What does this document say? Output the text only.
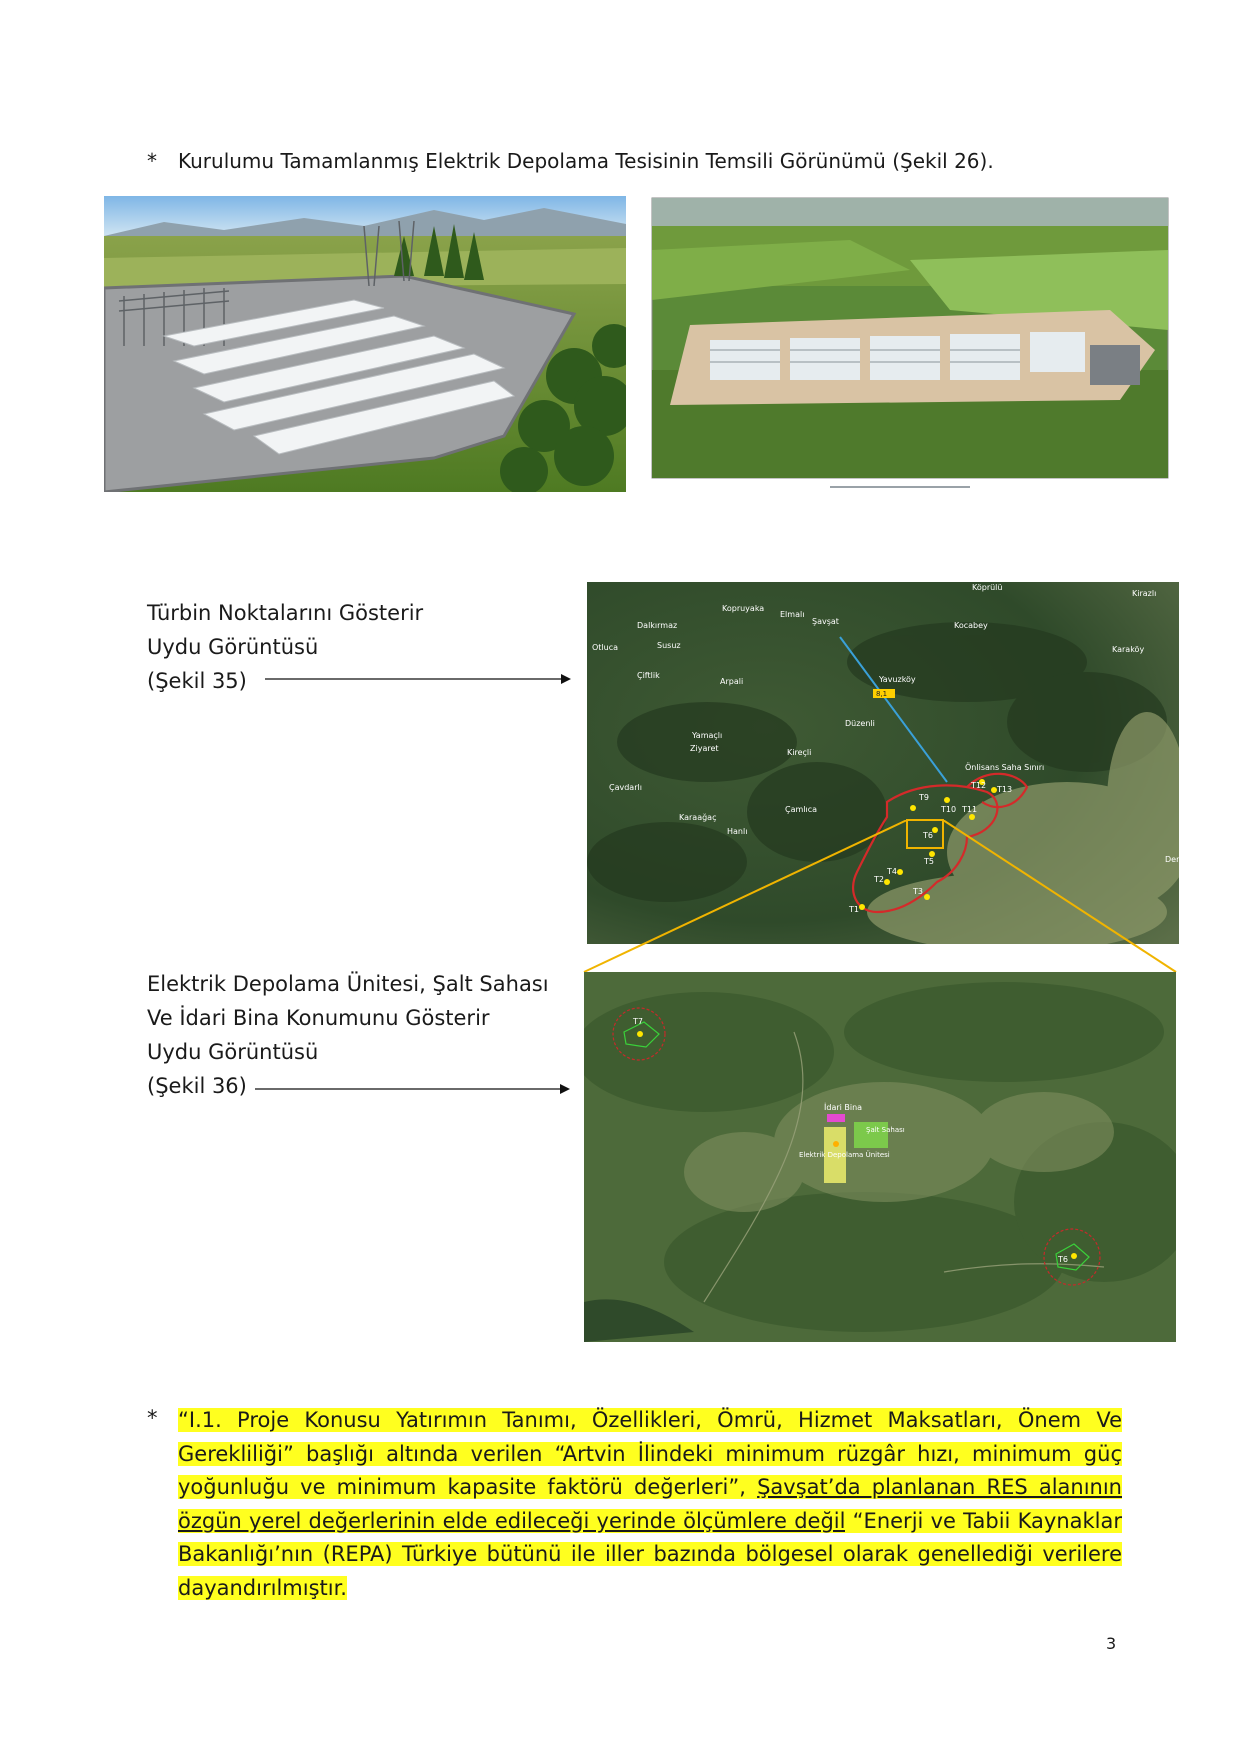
* Kurulumu Tamamlanmış Elektrik Depolama Tesisinin Temsili Görünümü (Şekil 26).
Türbin Noktalarını Gösterir
Uydu Görüntüsü
(Şekil 35)
Köprülü
Kirazlı
Kopruyaka
Elmalı
Şavşat
Dalkırmaz	Kocabey
Karaköy
Otluca	Susuz
Çiftlik
Arpali	Yavuzköy
Düzenli
Yamaçlı
Ziyaret	Kireçli
Çavdarlı
Çamlıca
Karaağaç
Hanlı
Önlisans Saha Sınırı
Der
8,1
T1
T2
T3
T4
T5
T6
T9
T10 T11
T12 T13
Elektrik Depolama Ünitesi, Şalt Sahası
Ve İdari Bina Konumunu Gösterir
Uydu Görüntüsü
(Şekil 36)
T7
T6
İdari Bina
Elektrik Depolama Ünitesi
Şalt Sahası
* “I.1. Proje Konusu Yatırımın Tanımı, Özellikleri, Ömrü, Hizmet Maksatları, Önem Ve Gerekliliği” başlığı altında verilen “Artvin İlindeki minimum rüzgâr hızı, minimum güç yoğunluğu ve minimum kapasite faktörü değerleri”, Şavşat’da planlanan RES alanının özgün yerel değerlerinin elde edileceği yerinde ölçümlere değil “Enerji ve Tabii Kaynaklar Bakanlığı’nın (REPA) Türkiye bütünü ile iller bazında bölgesel olarak genellediği verilere dayandırılmıştır.
3
